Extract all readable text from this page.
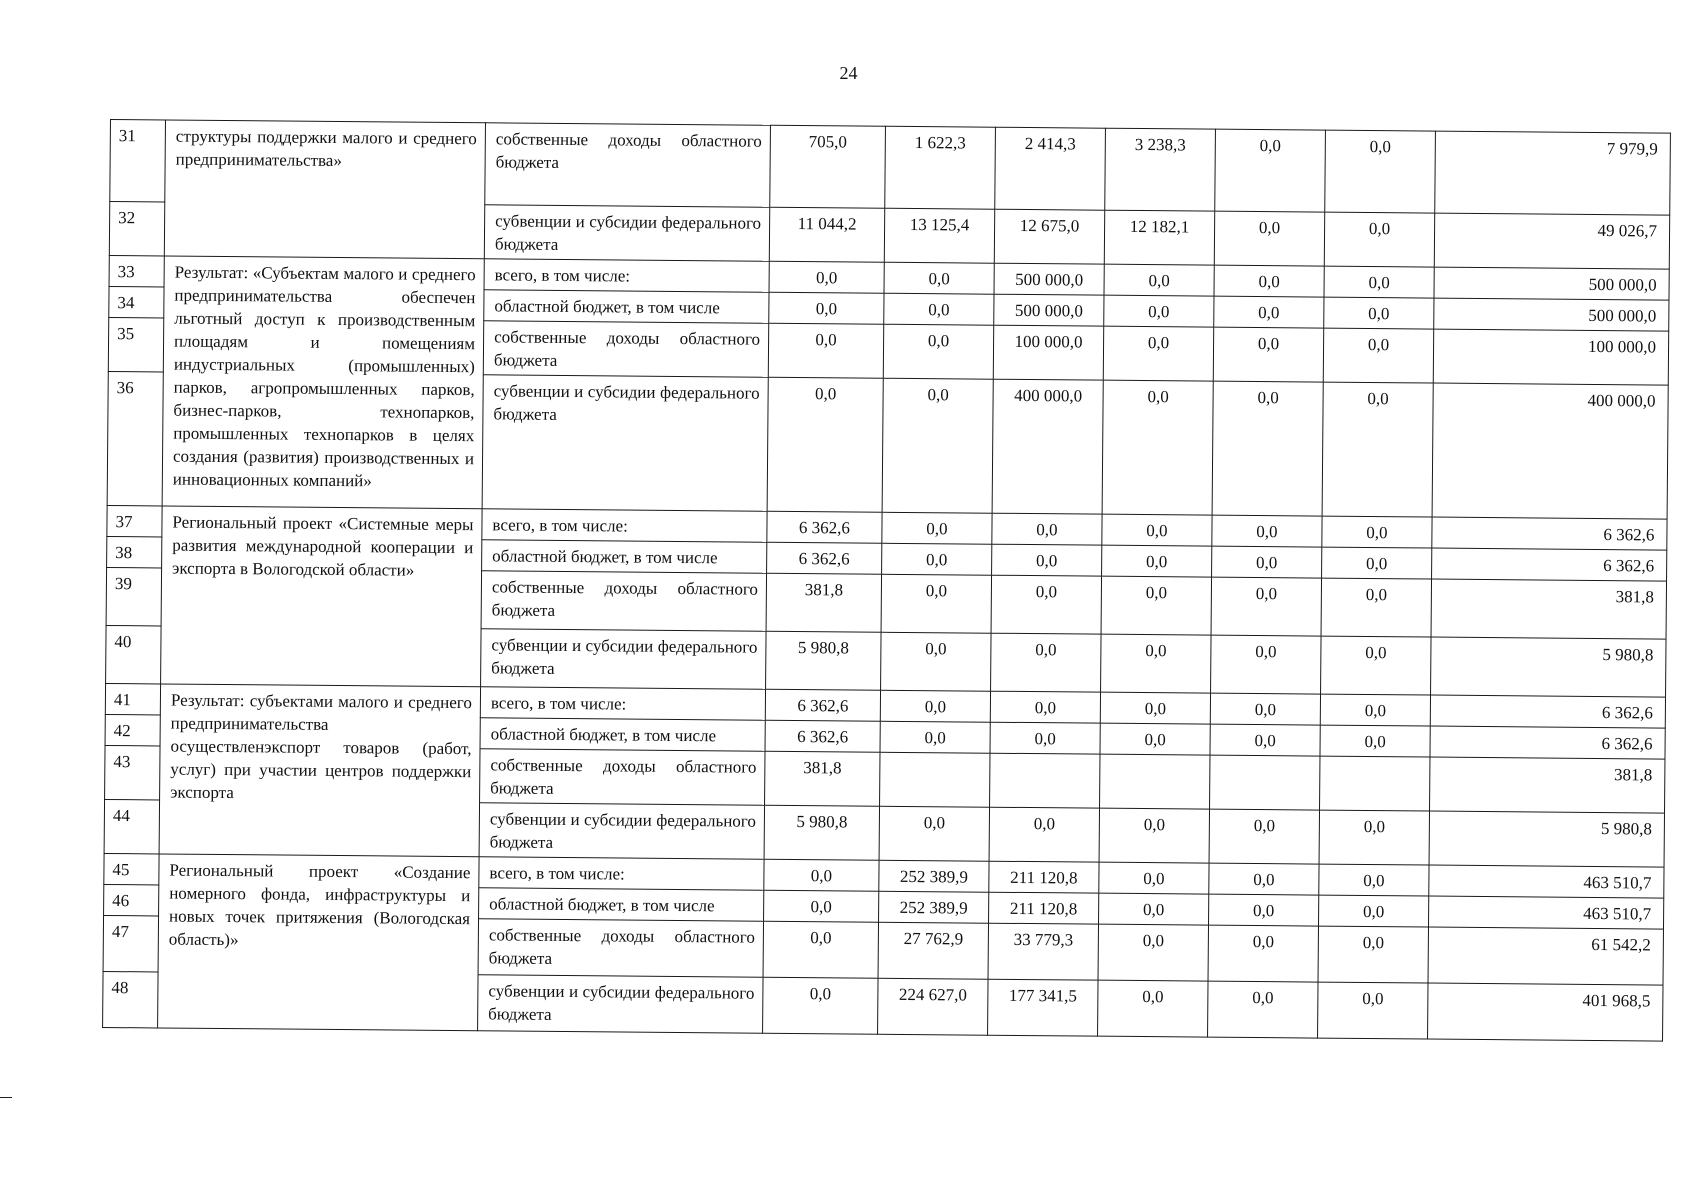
24
31	структуры поддержки малого и среднего предпринимательства»	собственные доходы областного бюджета	705,0	1 622,3	2 414,3	3 238,3	0,0	0,0	7 979,9
32		субвенции и субсидии федерального бюджета	11 044,2	13 125,4	12 675,0	12 182,1	0,0	0,0	49 026,7
33	Результат: «Субъектам малого и среднего предпринимательства обеспечен льготный доступ к производственным площадям и помещениям индустриальных (промышленных) парков, агропромышленных парков, бизнес-парков, технопарков, промышленных технопарков в целях создания (развития) производственных и инновационных компаний»	всего, в том числе:	0,0	0,0	500 000,0	0,0	0,0	0,0	500 000,0
34		областной бюджет, в том числе	0,0	0,0	500 000,0	0,0	0,0	0,0	500 000,0
35		собственные доходы областного бюджета	0,0	0,0	100 000,0	0,0	0,0	0,0	100 000,0
36		субвенции и субсидии федерального бюджета	0,0	0,0	400 000,0	0,0	0,0	0,0	400 000,0
37	Региональный проект «Системные меры развития международной кооперации и экспорта в Вологодской области»	всего, в том числе:	6 362,6	0,0	0,0	0,0	0,0	0,0	6 362,6
38		областной бюджет, в том числе	6 362,6	0,0	0,0	0,0	0,0	0,0	6 362,6
39		собственные доходы областного бюджета	381,8	0,0	0,0	0,0	0,0	0,0	381,8
40		субвенции и субсидии федерального бюджета	5 980,8	0,0	0,0	0,0	0,0	0,0	5 980,8
41	Результат: субъектами малого и среднего предпринимательства осуществленэкспорт товаров (работ, услуг) при участии центров поддержки экспорта	всего, в том числе:	6 362,6	0,0	0,0	0,0	0,0	0,0	6 362,6
42		областной бюджет, в том числе	6 362,6	0,0	0,0	0,0	0,0	0,0	6 362,6
43		собственные доходы областного бюджета	381,8						381,8
44		субвенции и субсидии федерального бюджета	5 980,8	0,0	0,0	0,0	0,0	0,0	5 980,8
45	Региональный проект «Создание номерного фонда, инфраструктуры и новых точек притяжения (Вологодская область)»	всего, в том числе:	0,0	252 389,9	211 120,8	0,0	0,0	0,0	463 510,7
46		областной бюджет, в том числе	0,0	252 389,9	211 120,8	0,0	0,0	0,0	463 510,7
47		собственные доходы областного бюджета	0,0	27 762,9	33 779,3	0,0	0,0	0,0	61 542,2
48		субвенции и субсидии федерального бюджета	0,0	224 627,0	177 341,5	0,0	0,0	0,0	401 968,5
